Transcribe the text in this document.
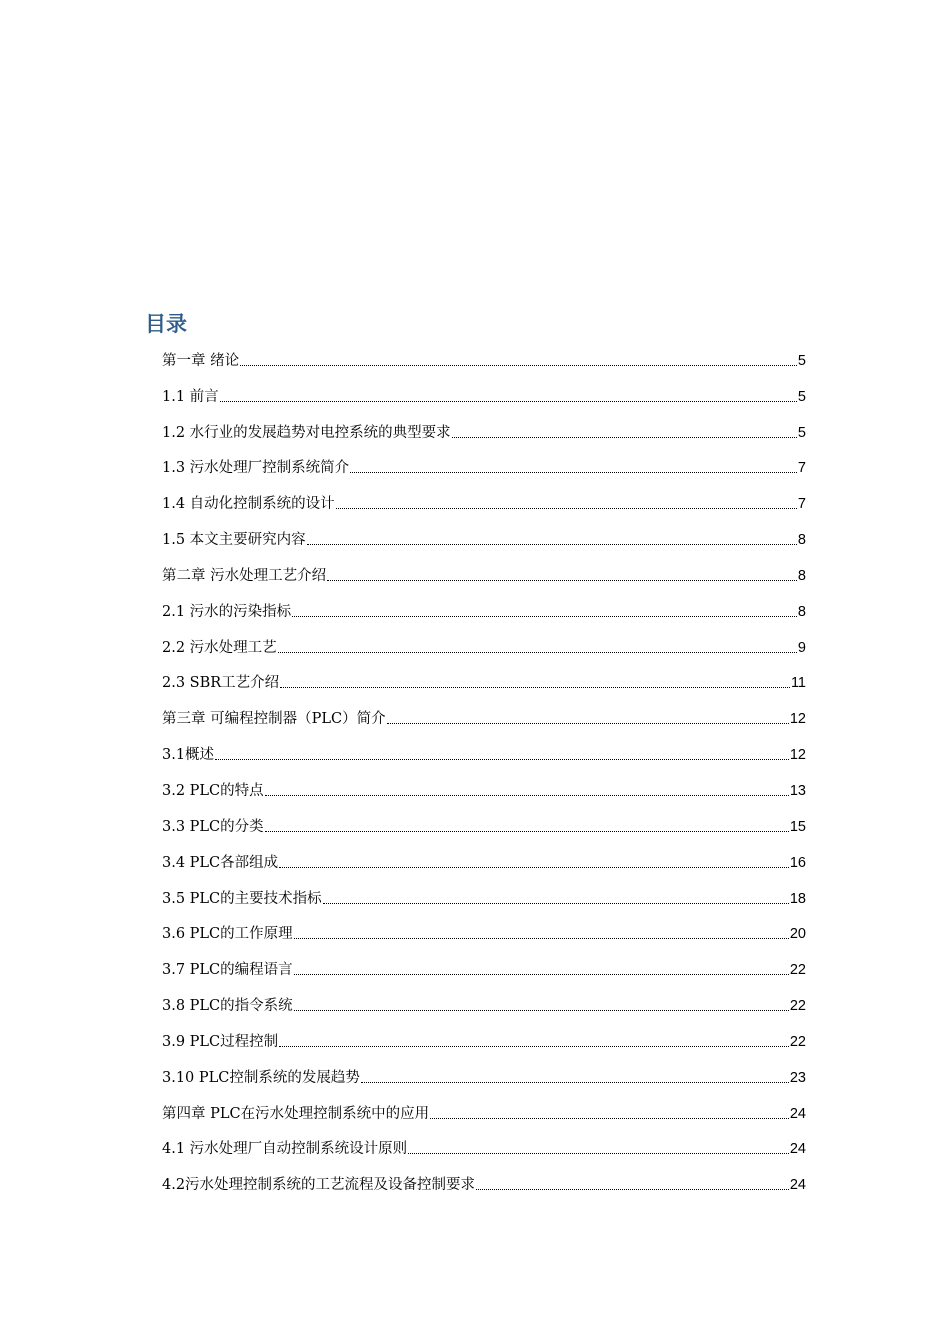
目录
第一章 绪论	5
1.1 前言	5
1.2 水行业的发展趋势对电控系统的典型要求	5
1.3 污水处理厂控制系统简介	7
1.4 自动化控制系统的设计	7
1.5 本文主要研究内容	8
第二章 污水处理工艺介绍	8
2.1 污水的污染指标	8
2.2 污水处理工艺	9
2.3 SBR工艺介绍	11
第三章 可编程控制器（PLC）简介	12
3.1概述	12
3.2 PLC的特点	13
3.3 PLC的分类	15
3.4 PLC各部组成	16
3.5 PLC的主要技术指标	18
3.6 PLC的工作原理	20
3.7 PLC的编程语言	22
3.8 PLC的指令系统	22
3.9 PLC过程控制	22
3.10 PLC控制系统的发展趋势	23
第四章 PLC在污水处理控制系统中的应用	24
4.1 污水处理厂自动控制系统设计原则	24
4.2污水处理控制系统的工艺流程及设备控制要求	24
